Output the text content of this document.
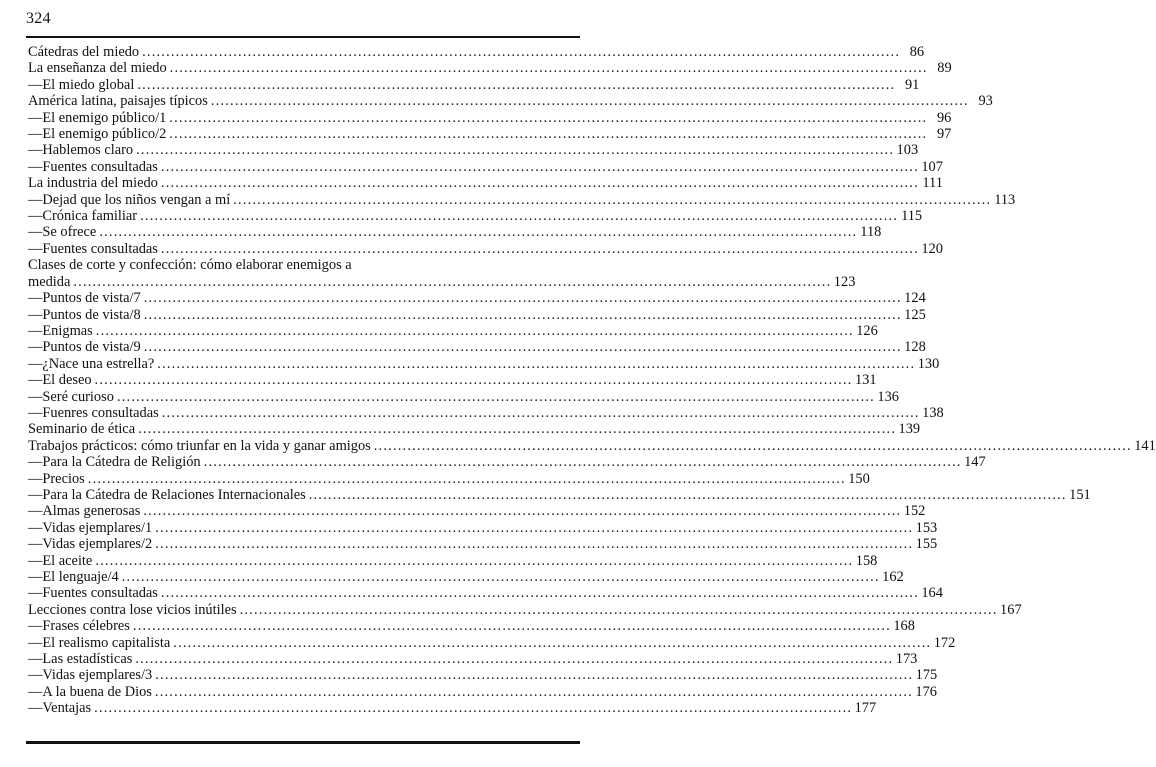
324
Cátedras del miedo .....	86
La enseñanza del miedo .....	89
—El miedo global .....	91
América latina, paisajes típicos .....	93
—El enemigo público/1 .....	96
—El enemigo público/2 .....	97
—Hablemos claro .....	103
—Fuentes consultadas .....	107
La industria del miedo .....	111
—Dejad que los niños vengan a mí .....	113
—Crónica familiar .....	115
—Se ofrece .....	118
—Fuentes consultadas .....	120
Clases de corte y confección: cómo elaborar enemigos a
medida .....	123
—Puntos de vista/7 .....	124
—Puntos de vista/8 .....	125
—Enigmas .....	126
—Puntos de vista/9 .....	128
—¿Nace una estrella? .....	130
—El deseo .....	131
—Seré curioso .....	136
—Fuenres consultadas .....	138
Seminario de ética .....	139
Trabajos prácticos: cómo triunfar en la vida y ganar amigos .....	141
—Para la Cátedra de Religión .....	147
—Precios .....	150
—Para la Cátedra de Relaciones Internacionales .....	151
—Almas generosas .....	152
—Vidas ejemplares/1 .....	153
—Vidas ejemplares/2 .....	155
—El aceite .....	158
—El lenguaje/4 .....	162
—Fuentes consultadas .....	164
Lecciones contra lose vicios inútiles .....	167
—Frases célebres .....	168
—El realismo capitalista .....	172
—Las estadísticas .....	173
—Vidas ejemplares/3 .....	175
—A la buena de Dios .....	176
—Ventajas .....	177
